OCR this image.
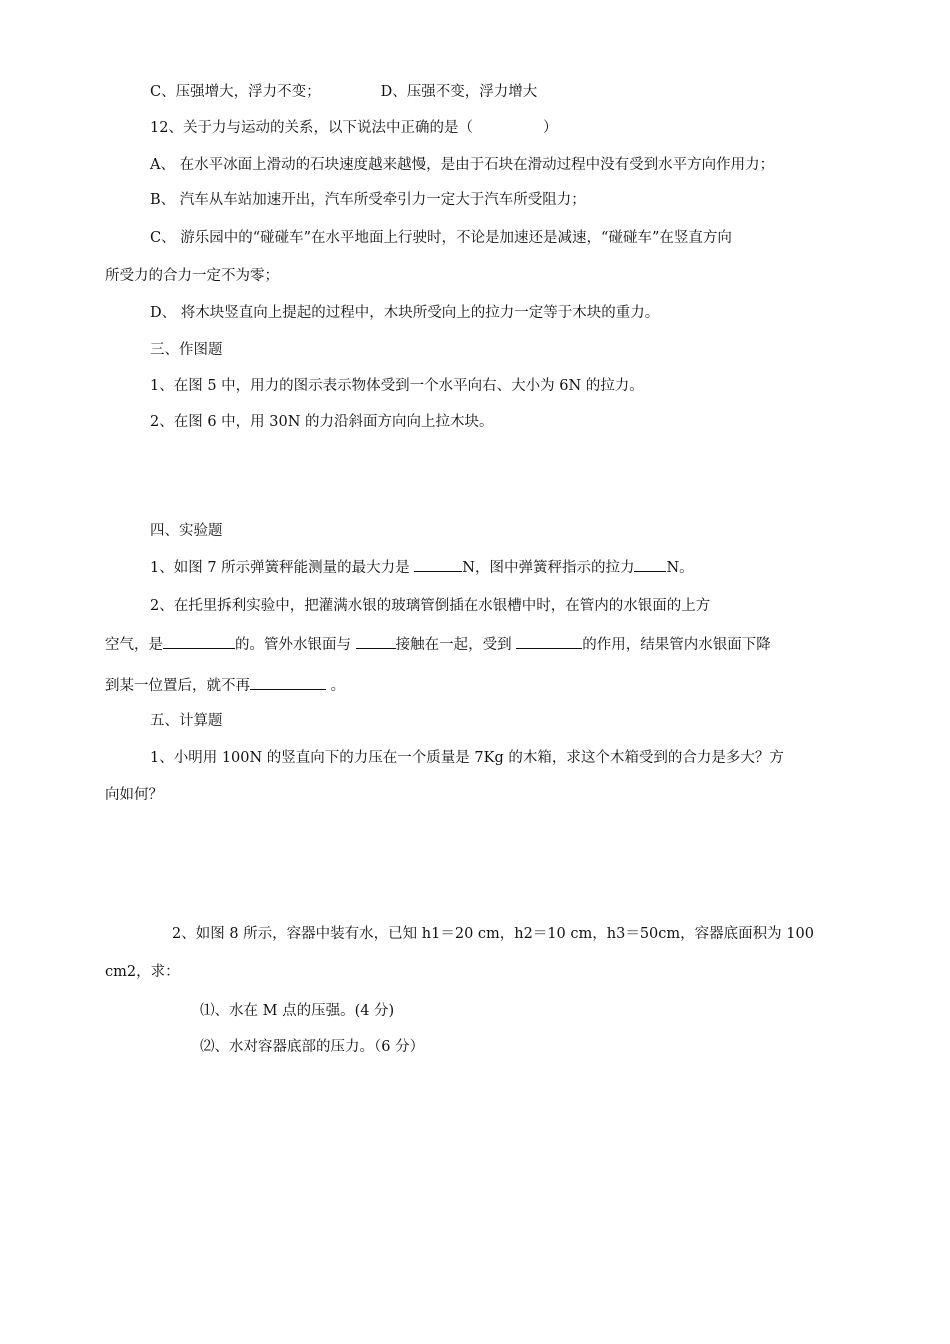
C、压强增大，浮力不变；	D、压强不变，浮力增大
12、关于力与运动的关系，以下说法中正确的是（	）
A、 在水平冰面上滑动的石块速度越来越慢，是由于石块在滑动过程中没有受到水平方向作用力；
B、 汽车从车站加速开出，汽车所受牵引力一定大于汽车所受阻力；
C、 游乐园中的“碰碰车”在水平地面上行驶时，不论是加速还是减速，“碰碰车”在竖直方向
所受力的合力一定不为零；
D、 将木块竖直向上提起的过程中，木块所受向上的拉力一定等于木块的重力。
三、作图题
1、在图 5 中，用力的图示表示物体受到一个水平向右、大小为 6N 的拉力。
2、在图 6 中，用 30N 的力沿斜面方向向上拉木块。
四、实验题
1、如图 7 所示弹簧秤能测量的最大力是	N，图中弹簧秤指示的拉力 N。
2、在托里拆利实验中，把灌满水银的玻璃管倒插在水银槽中时，在管内的水银面的上方
空气，是	的。管外水银面与	接触在一起，受到	的作用，结果管内水银面下降
到某一位置后，就不再	。
五、计算题
1、小明用 100N 的竖直向下的力压在一个质量是 7Kg 的木箱，求这个木箱受到的合力是多大？方
向如何？
2、如图 8 所示，容器中装有水，已知 h1＝20 cm，h2＝10 cm，h3＝50cm，容器底面积为 100
cm2，求：
⑴、水在 M 点的压强。(4 分)
⑵、水对容器底部的压力。（6 分）
